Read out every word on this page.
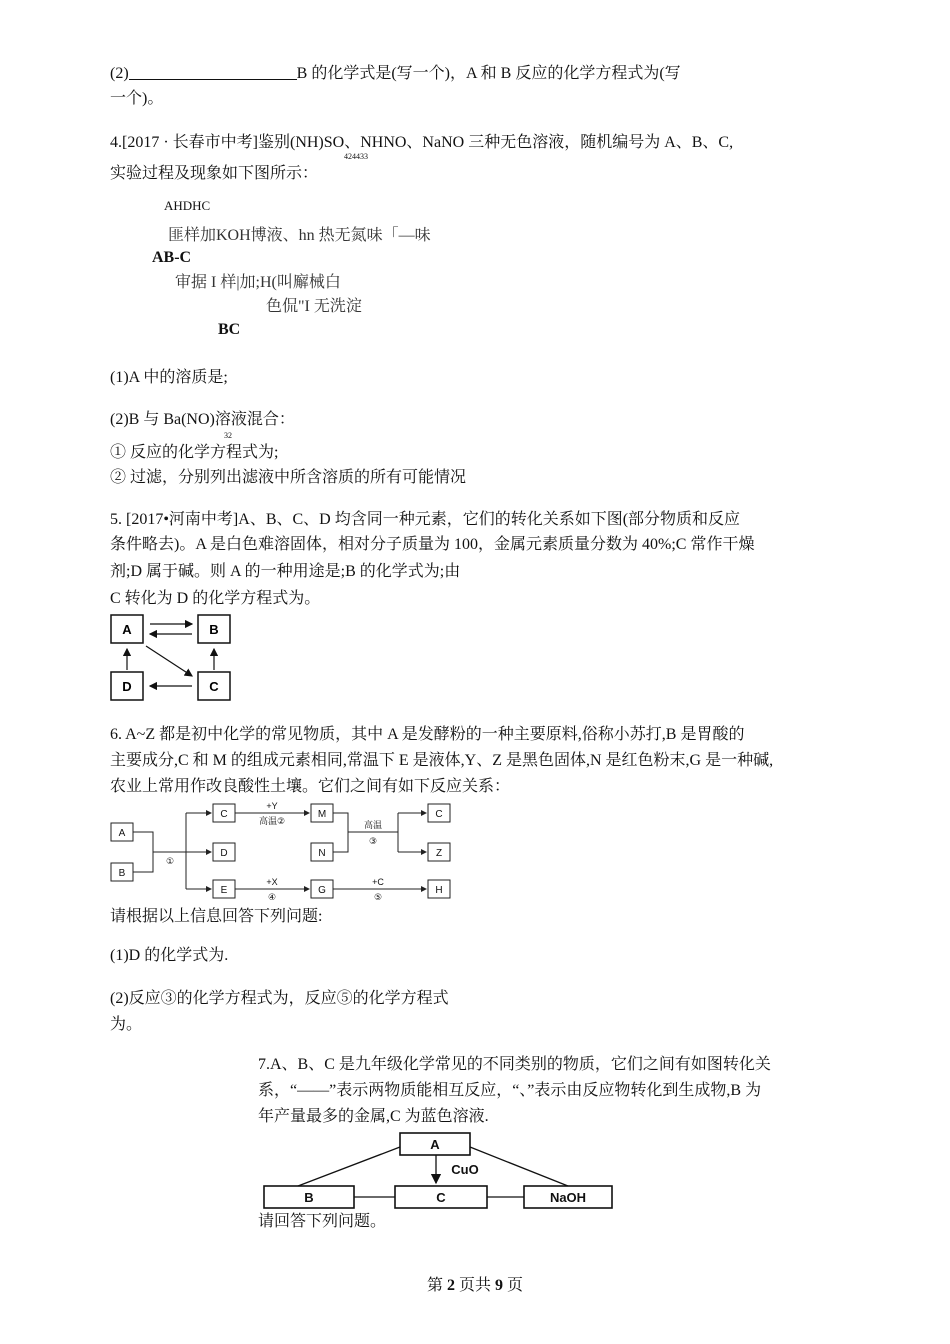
(2)	B 的化学式是(写一个)，A 和 B 反应的化学方程式为(写
一个)。
4.[2017 · 长春市中考]鉴别(NH)SO、NHNO、NaNO 三种无色溶液，随机编号为 A、B、C,
424433
实验过程及现象如下图所示：
AHDHC
匪样加KOH博液、hn 热无氮味「—味
AB-C
审据 I 样|加;H(叫廨械白
色侃"I 无洗淀
BC
(1)A 中的溶质是;
(2)B 与 Ba(NO)溶液混合：
32
① 反应的化学方程式为;
② 过滤，分别列出滤液中所含溶质的所有可能情况
5. [2017•河南中考]A、B、C、D 均含同一种元素，它们的转化关系如下图(部分物质和反应
条件略去)。A 是白色难溶固体，相对分子质量为 100，金属元素质量分数为 40%;C 常作干燥
剂;D 属于碱。则 A 的一种用途是;B 的化学式为;由
C 转化为 D 的化学方程式为。
A	B
D	C
6. A~Z 都是初中化学的常见物质，其中 A 是发酵粉的一种主要原料,俗称小苏打,B 是胃酸的
主要成分,C 和 M 的组成元素相同,常温下 E 是液体,Y、Z 是黑色固体,N 是红色粉末,G 是一种碱,
农业上常用作改良酸性土壤。它们之间有如下反应关系：
A
B
C
D
E
M
N
G
C
Z
H
①
+Y
高温②	高温
③
+X
④
+C
⑤
请根据以上信息回答下列问题:
(1)D 的化学式为.
(2)反应③的化学方程式为，反应⑤的化学方程式
为。
7.A、B、C 是九年级化学常见的不同类别的物质，它们之间有如图转化关
系，“——”表示两物质能相互反应，“、”表示由反应物转化到生成物,B 为
年产量最多的金属,C 为蓝色溶液.
A
B	C	NaOH
CuO
请回答下列问题。
第 2 页共 9 页
